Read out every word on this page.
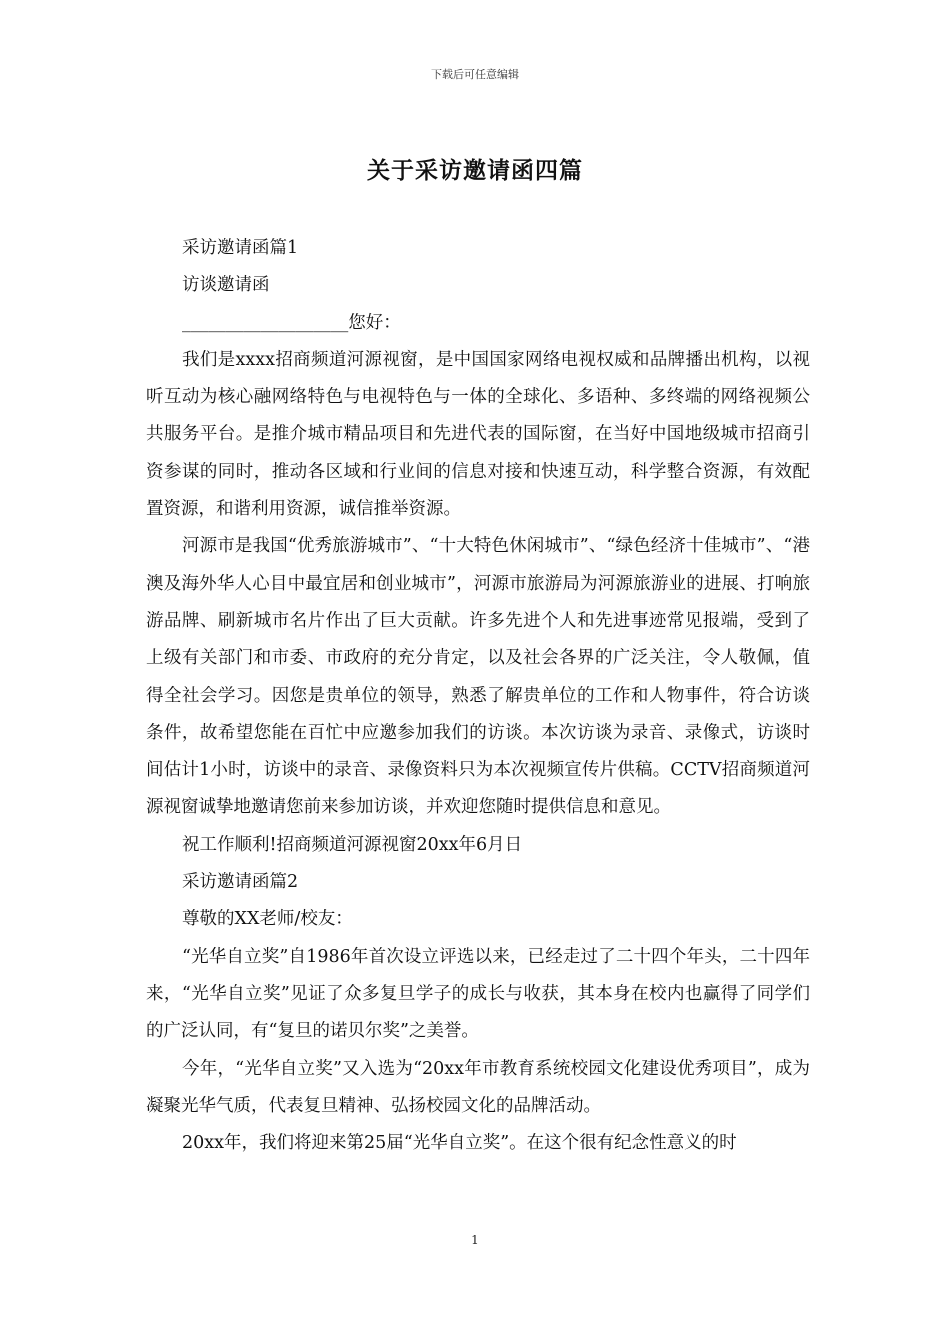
下载后可任意编辑
关于采访邀请函四篇

采访邀请函篇1

访谈邀请函

___________________您好：

我们是xxxx招商频道河源视窗，是中国国家网络电视权威和品牌播出机构，以视听互动为核心融网络特色与电视特色与一体的全球化、多语种、多终端的网络视频公共服务平台。是推介城市精品项目和先进代表的国际窗，在当好中国地级城市招商引资参谋的同时，推动各区域和行业间的信息对接和快速互动，科学整合资源，有效配置资源，和谐利用资源，诚信推举资源。

河源市是我国“优秀旅游城市”、“十大特色休闲城市”、“绿色经济十佳城市”、“港澳及海外华人心目中最宜居和创业城市”，河源市旅游局为河源旅游业的进展、打响旅游品牌、刷新城市名片作出了巨大贡献。许多先进个人和先进事迹常见报端，受到了上级有关部门和市委、市政府的充分肯定，以及社会各界的广泛关注，令人敬佩，值得全社会学习。因您是贵单位的领导，熟悉了解贵单位的工作和人物事件，符合访谈条件，故希望您能在百忙中应邀参加我们的访谈。本次访谈为录音、录像式，访谈时间估计1小时，访谈中的录音、录像资料只为本次视频宣传片供稿。CCTV招商频道河源视窗诚挚地邀请您前来参加访谈，并欢迎您随时提供信息和意见。

祝工作顺利!招商频道河源视窗20xx年6月日

采访邀请函篇2

尊敬的XX老师/校友：

“光华自立奖”自1986年首次设立评选以来，已经走过了二十四个年头，二十四年来，“光华自立奖”见证了众多复旦学子的成长与收获，其本身在校内也赢得了同学们的广泛认同，有“复旦的诺贝尔奖”之美誉。

今年，“光华自立奖”又入选为“20xx年市教育系统校园文化建设优秀项目”，成为凝聚光华气质，代表复旦精神、弘扬校园文化的品牌活动。

20xx年，我们将迎来第25届“光华自立奖”。在这个很有纪念性意义的时

1
